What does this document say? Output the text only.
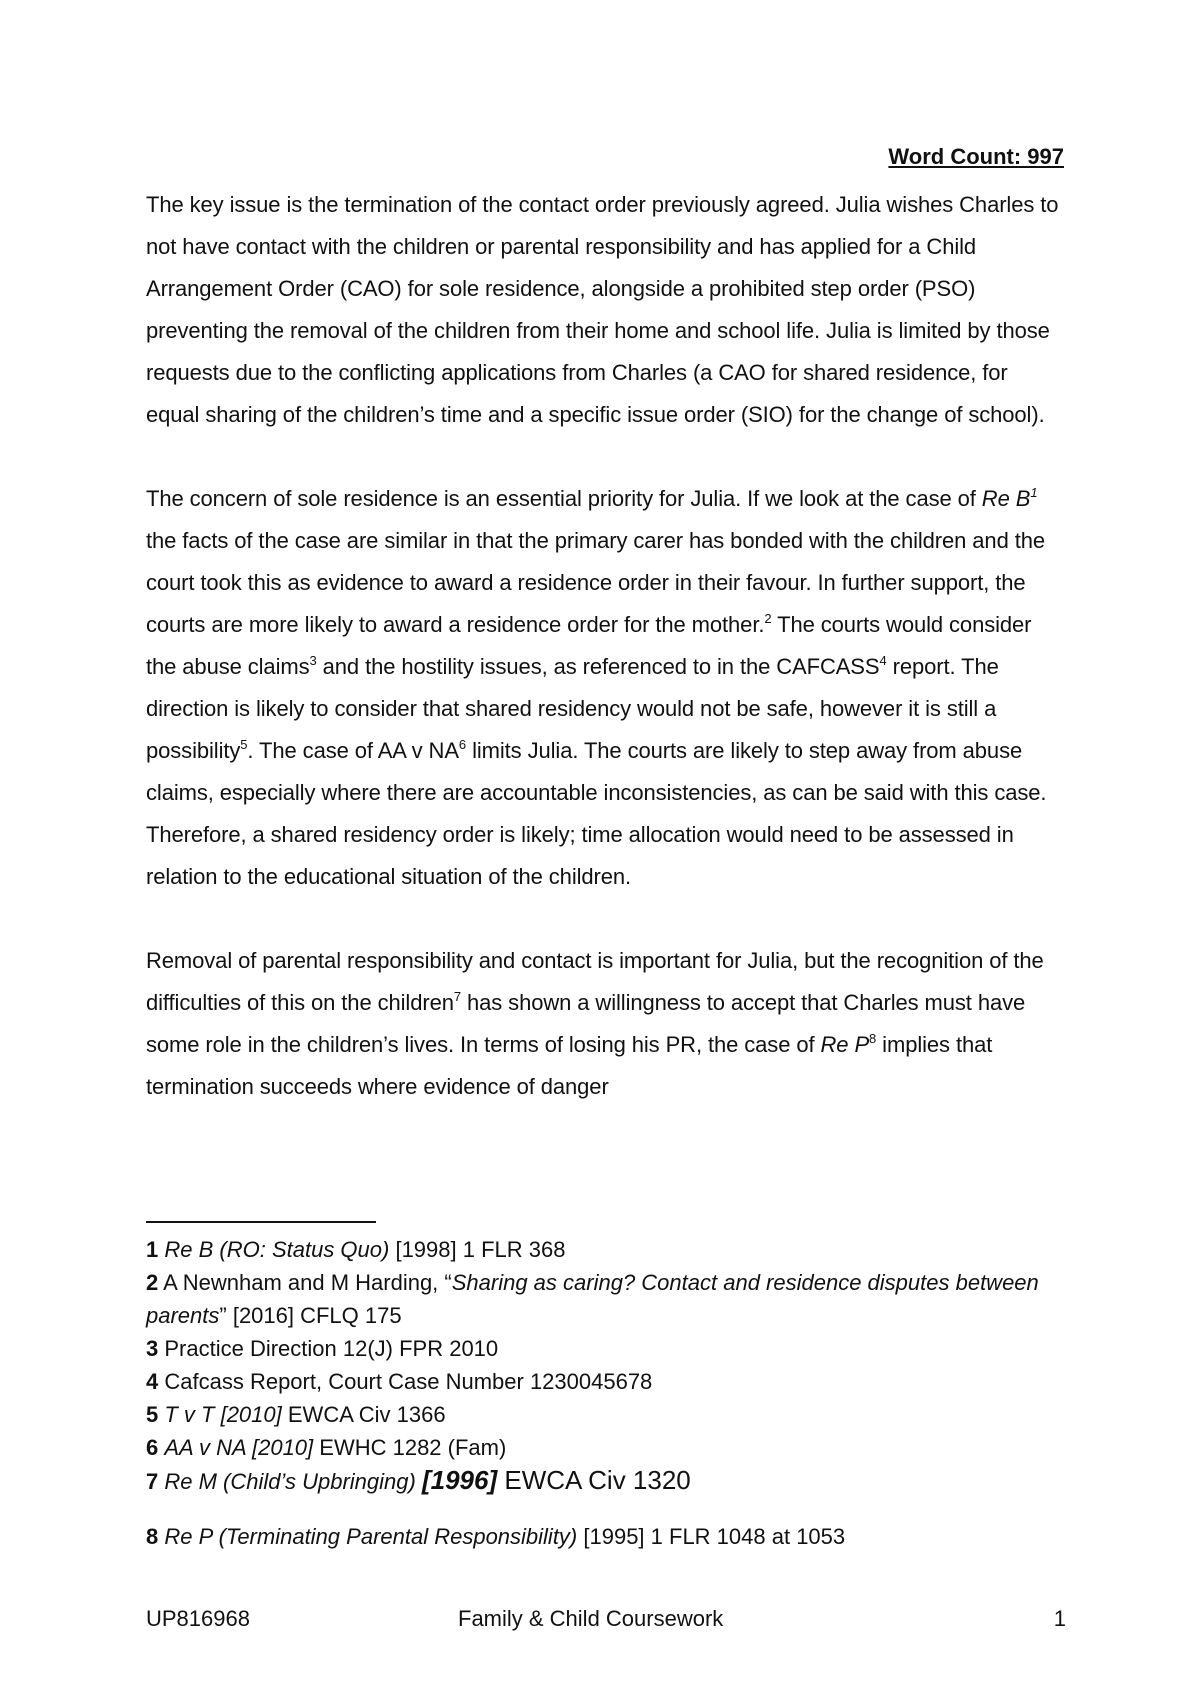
Word Count: 997

The key issue is the termination of the contact order previously agreed. Julia wishes Charles to not have contact with the children or parental responsibility and has applied for a Child Arrangement Order (CAO) for sole residence, alongside a prohibited step order (PSO) preventing the removal of the children from their home and school life. Julia is limited by those requests due to the conflicting applications from Charles (a CAO for shared residence, for equal sharing of the children’s time and a specific issue order (SIO) for the change of school).

The concern of sole residence is an essential priority for Julia. If we look at the case of Re $B^1$ the facts of the case are similar in that the primary carer has bonded with the children and the court took this as evidence to award a residence order in their favour. In further support, the courts are more likely to award a residence order for the mother.$^2$ The courts would consider the abuse claims$^3$ and the hostility issues, as referenced to in the CAFCASS$^4$ report. The direction is likely to consider that shared residency would not be safe, however it is still a possibility$^5$. The case of AA v $NA^6$ limits Julia. The courts are likely to step away from abuse claims, especially where there are accountable inconsistencies, as can be said with this case. Therefore, a shared residency order is likely; time allocation would need to be assessed in relation to the educational situation of the children.

Removal of parental responsibility and contact is important for Julia, but the recognition of the difficulties of this on the children$^7$ has shown a willingness to accept that Charles must have some role in the children’s lives. In terms of losing his PR, the case of Re $P^8$ implies that termination succeeds where evidence of danger

1 Re B (RO: Status Quo) [1998] 1 FLR 368

2 A Newnham and M Harding, “Sharing as caring? Contact and residence disputes between parents” [2016] CFLQ 175

3 Practice Direction 12(J) FPR 2010

4 Cafcass Report, Court Case Number 1230045678

5 T v T [2010] EWCA Civ 1366

6 AA v NA [2010] EWHC 1282 (Fam)

7 Re M (Child’s Upbringing) [1996] EWCA Civ 1320

8 Re P (Terminating Parental Responsibility) [1995] 1 FLR 1048 at 1053

UP816968	Family & Child Coursework	1
